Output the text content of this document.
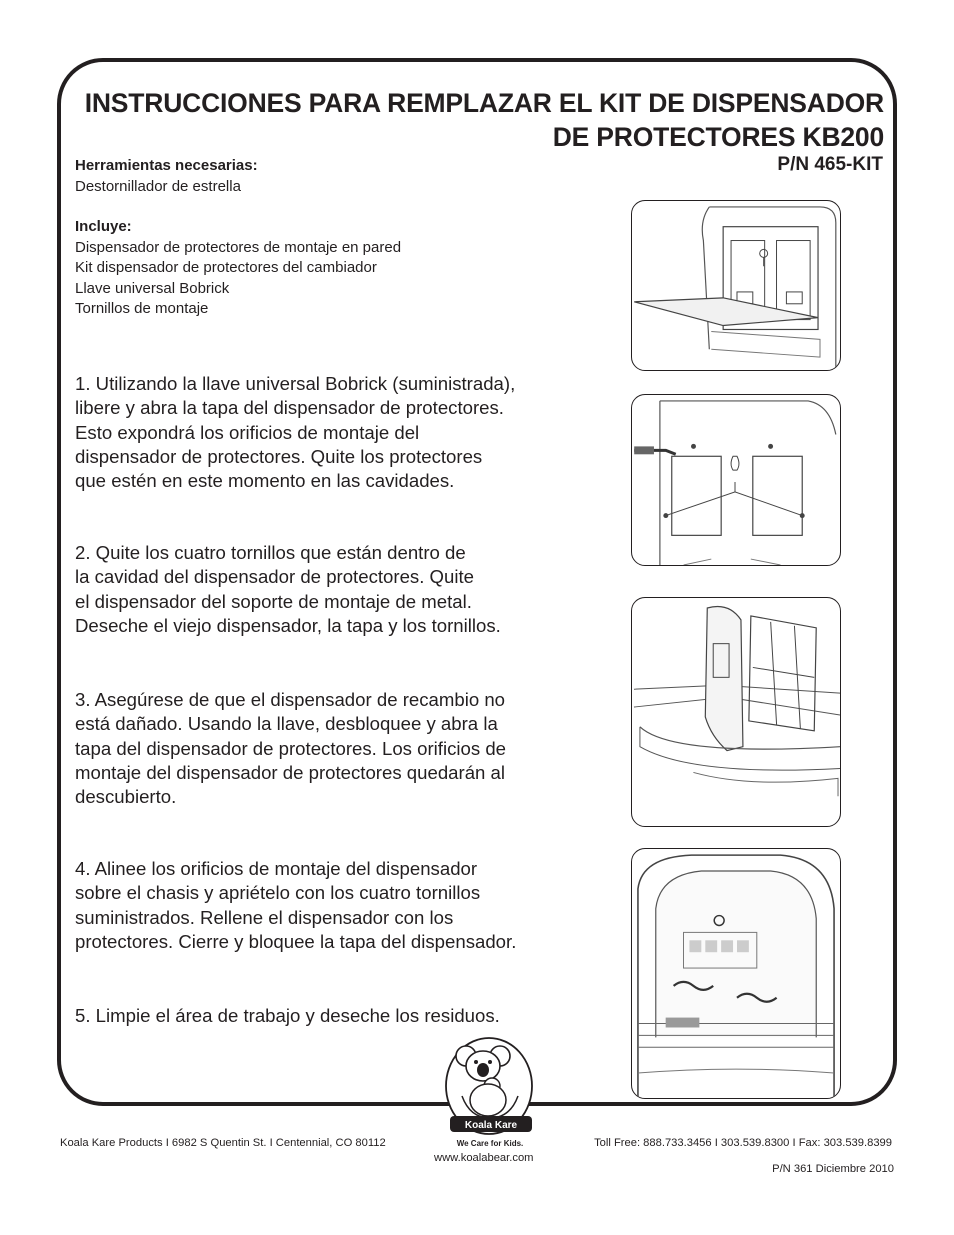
INSTRUCCIONES PARA REMPLAZAR EL KIT DE DISPENSADOR
DE PROTECTORES KB200
P/N 465-KIT
Herramientas necesarias:
Destornillador de estrella
Incluye:
Dispensador de protectores de montaje en pared
Kit dispensador de protectores del cambiador
Llave universal Bobrick
Tornillos de montaje
1. Utilizando la llave universal Bobrick (suministrada),
libere y abra la tapa del dispensador de protectores.
Esto expondrá los orificios de montaje del
dispensador de protectores. Quite los protectores
que estén en este momento en las cavidades.
2. Quite los cuatro tornillos que están dentro de
la cavidad del dispensador de protectores. Quite
el dispensador del soporte de montaje de metal.
Deseche el viejo dispensador, la tapa y los tornillos.
3. Asegúrese de que el dispensador de recambio no
está dañado. Usando la llave, desbloquee y abra la
tapa del dispensador de protectores. Los orificios de
montaje del dispensador de protectores quedarán al
descubierto.
4. Alinee los orificios de montaje del dispensador
sobre el chasis y apriételo con los cuatro tornillos
suministrados. Rellene el dispensador con los
protectores. Cierre y bloquee la tapa del dispensador.
5. Limpie el área de trabajo y deseche los residuos.
Koala Kare
We Care for Kids.
Koala Kare Products I 6982 S Quentin St. I Centennial, CO 80112	Toll Free: 888.733.3456 I 303.539.8300 I Fax: 303.539.8399
www.koalabear.com
P/N 361 Diciembre 2010
